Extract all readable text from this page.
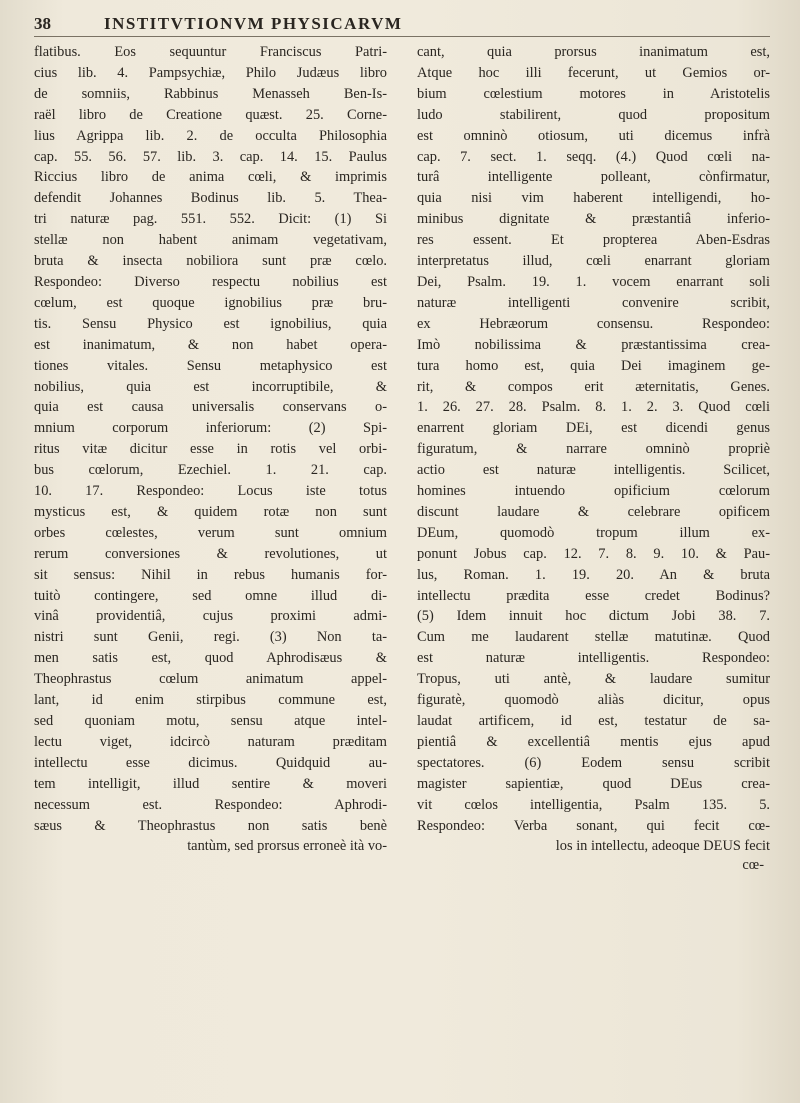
38	INSTITVTIONVM PHYSICARVM

flatibus. Eos sequuntur Franciscus Patri-

cius lib. 4. Pampsychiæ, Philo Judæus libro

de somniis, Rabbinus Menasseh Ben-Is-

raël libro de Creatione quæst. 25. Corne-

lius Agrippa lib. 2. de occulta Philosophia

cap. 55. 56. 57. lib. 3. cap. 14. 15. Paulus

Riccius libro de anima cœli, & imprimis

defendit Johannes Bodinus lib. 5. Thea-

tri naturæ pag. 551. 552. Dicit: (1) Si

stellæ non habent animam vegetativam,

bruta & insecta nobiliora sunt præ cœlo.

Respondeo: Diverso respectu nobilius est

cœlum, est quoque ignobilius præ bru-

tis. Sensu Physico est ignobilius, quia

est inanimatum, & non habet opera-

tiones vitales. Sensu metaphysico est

nobilius, quia est incorruptibile, &

quia est causa universalis conservans o-

mnium corporum inferiorum: (2) Spi-

ritus vitæ dicitur esse in rotis vel orbi-

bus cœlorum, Ezechiel. 1. 21. cap.

10. 17. Respondeo: Locus iste totus

mysticus est, & quidem rotæ non sunt

orbes cœlestes, verum sunt omnium

rerum conversiones & revolutiones, ut

sit sensus: Nihil in rebus humanis for-

tuitò contingere, sed omne illud di-

vinâ providentiâ, cujus proximi admi-

nistri sunt Genii, regi. (3) Non ta-

men satis est, quod Aphrodisæus &

Theophrastus cœlum animatum appel-

lant, id enim stirpibus commune est,

sed quoniam motu, sensu atque intel-

lectu viget, idcircò naturam præditam

intellectu esse dicimus. Quidquid au-

tem intelligit, illud sentire & moveri

necessum est. Respondeo: Aphrodi-

sæus & Theophrastus non satis benè

tantùm, sed prorsus erroneè ità vo-

cant, quia prorsus inanimatum est,

Atque hoc illi fecerunt, ut Gemios or-

bium cœlestium motores in Aristotelis

ludo stabilirent, quod propositum

est omninò otiosum, uti dicemus infrà

cap. 7. sect. 1. seqq. (4.) Quod cœli na-

turâ intelligente polleant, cònfirmatur,

quia nisi vim haberent intelligendi, ho-

minibus dignitate & præstantiâ inferio-

res essent. Et propterea Aben-Esdras

interpretatus illud, cœli enarrant gloriam

Dei, Psalm. 19. 1. vocem enarrant soli

naturæ intelligenti convenire scribit,

ex Hebræorum consensu. Respondeo:

Imò nobilissima & præstantissima crea-

tura homo est, quia Dei imaginem ge-

rit, & compos erit æternitatis, Genes.

1. 26. 27. 28. Psalm. 8. 1. 2. 3. Quod cœli

enarrent gloriam DEi, est dicendi genus

figuratum, & narrare omninò propriè

actio est naturæ intelligentis. Scilicet,

homines intuendo opificium cœlorum

discunt laudare & celebrare opificem

DEum, quomodò tropum illum ex-

ponunt Jobus cap. 12. 7. 8. 9. 10. & Pau-

lus, Roman. 1. 19. 20. An & bruta

intellectu prædita esse credet Bodinus?

(5) Idem innuit hoc dictum Jobi 38. 7.

Cum me laudarent stellæ matutinæ. Quod

est naturæ intelligentis. Respondeo:

Tropus, uti antè, & laudare sumitur

figuratè, quomodò aliàs dicitur, opus

laudat artificem, id est, testatur de sa-

pientiâ & excellentiâ mentis ejus apud

spectatores. (6) Eodem sensu scribit

magister sapientiæ, quod DEus crea-

vit cœlos intelligentia, Psalm 135. 5.

Respondeo: Verba sonant, qui fecit cœ-

los in intellectu, adeoque DEUS fecit

cœ-
